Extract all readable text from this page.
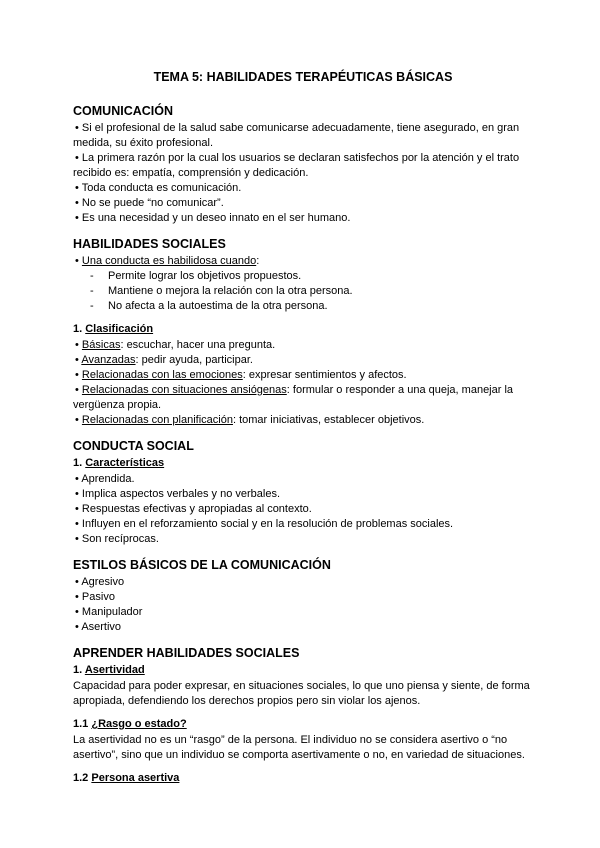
TEMA 5: HABILIDADES TERAPÉUTICAS BÁSICAS
COMUNICACIÓN
• Si el profesional de la salud sabe comunicarse adecuadamente, tiene asegurado, en gran medida, su éxito profesional.
• La primera razón por la cual los usuarios se declaran satisfechos por la atención y el trato recibido es: empatía, comprensión y dedicación.
• Toda conducta es comunicación.
• No se puede “no comunicar”.
• Es una necesidad y un deseo innato en el ser humano.
HABILIDADES SOCIALES
• Una conducta es habilidosa cuando:
- Permite lograr los objetivos propuestos.
- Mantiene o mejora la relación con la otra persona.
- No afecta a la autoestima de la otra persona.
1. Clasificación
• Básicas: escuchar, hacer una pregunta.
• Avanzadas: pedir ayuda, participar.
• Relacionadas con las emociones: expresar sentimientos y afectos.
• Relacionadas con situaciones ansiógenas: formular o responder a una queja, manejar la vergüenza propia.
• Relacionadas con planificación: tomar iniciativas, establecer objetivos.
CONDUCTA SOCIAL
1. Características
• Aprendida.
• Implica aspectos verbales y no verbales.
• Respuestas efectivas y apropiadas al contexto.
• Influyen en el reforzamiento social y en la resolución de problemas sociales.
• Son recíprocas.
ESTILOS BÁSICOS DE LA COMUNICACIÓN
• Agresivo
• Pasivo
• Manipulador
• Asertivo
APRENDER HABILIDADES SOCIALES
1. Asertividad
Capacidad para poder expresar, en situaciones sociales, lo que uno piensa y siente, de forma apropiada, defendiendo los derechos propios pero sin violar los ajenos.
1.1 ¿Rasgo o estado?
La asertividad no es un “rasgo” de la persona. El individuo no se considera asertivo o “no asertivo”, sino que un individuo se comporta asertivamente o no, en variedad de situaciones.
1.2 Persona asertiva
